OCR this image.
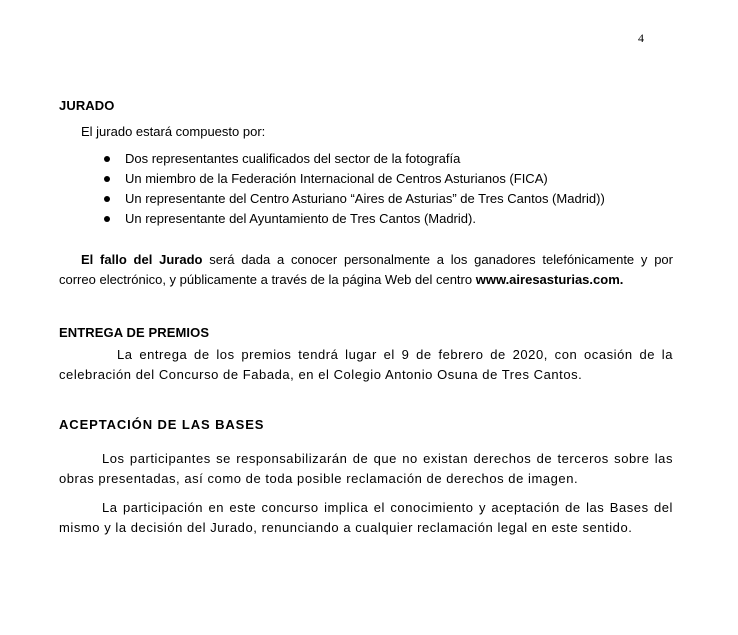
4
JURADO
El jurado estará compuesto por:
Dos representantes cualificados del sector de la fotografía
Un miembro de la Federación Internacional de Centros Asturianos (FICA)
Un representante del Centro Asturiano “Aires de Asturias” de Tres Cantos (Madrid))
Un representante del Ayuntamiento de Tres Cantos (Madrid).
El fallo del Jurado será dada a conocer personalmente a los ganadores telefónicamente y por
correo electrónico, y públicamente a través de la página Web del centro www.airesasturias.com.
ENTREGA DE PREMIOS
La entrega de los premios tendrá lugar el 9 de febrero de 2020, con ocasión de la
celebración del Concurso de Fabada, en el Colegio Antonio Osuna de Tres Cantos.
ACEPTACIÓN DE LAS BASES
Los participantes se responsabilizarán de que no existan derechos de terceros sobre las
obras presentadas, así como de toda posible reclamación de derechos de imagen.
La participación en este concurso implica el conocimiento y aceptación de las Bases del
mismo y la decisión del Jurado, renunciando a cualquier reclamación legal en este sentido.
